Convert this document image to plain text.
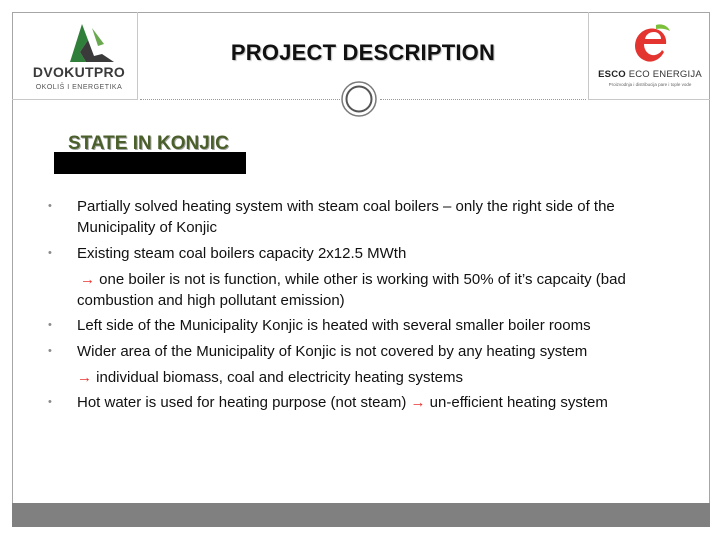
DVOKUTPRO
OKOLIŠ I ENERGETIKA
ESCO ECO ENERGIJA
Proizvodnja i distribucija pare i tople vode
PROJECT DESCRIPTION
STATE IN KONJIC
• Partially solved heating system with steam coal boilers – only the right side of the Municipality of Konjic
• Existing steam coal boilers capacity 2x12.5 MWth
→ one boiler is not is function, while other is working with 50% of it’s capcaity (bad combustion and high pollutant emission)
• Left side of the Municipality Konjic is heated with several smaller boiler rooms
• Wider area of the Municipality of Konjic is not covered by any heating system
→ individual biomass, coal and electricity heating systems
• Hot water is used for heating purpose (not steam) → un-efficient heating system
